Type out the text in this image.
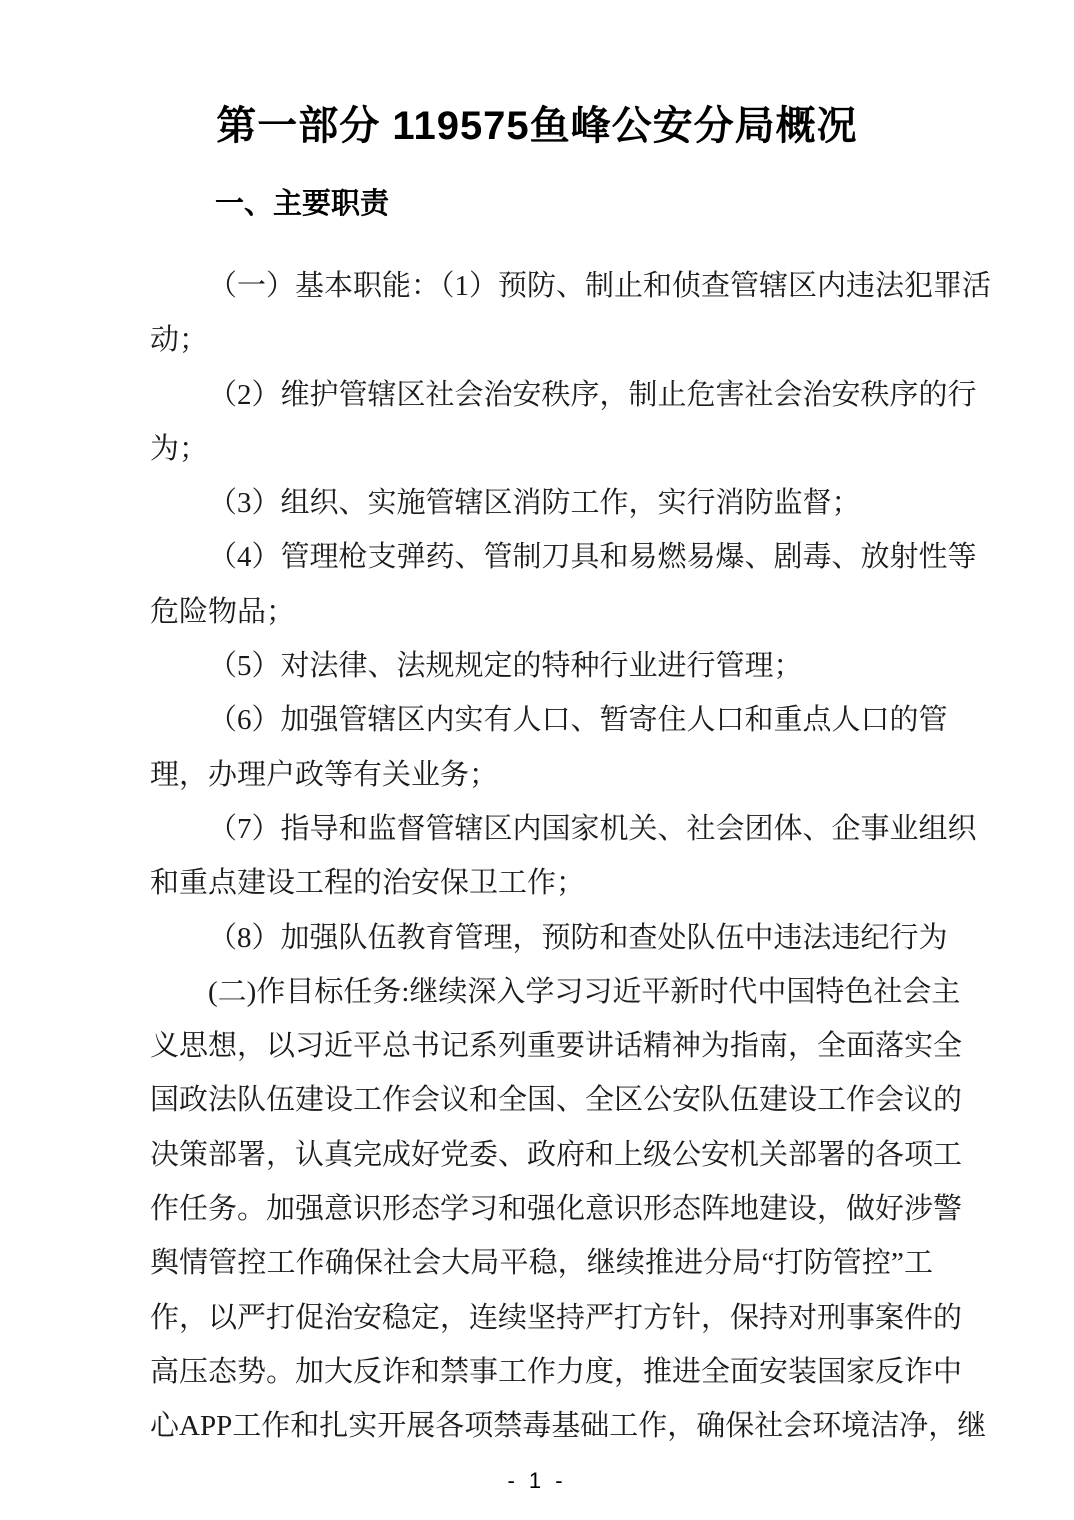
第一部分 119575鱼峰公安分局概况
一、主要职责
（一）基本职能：（1）预防、制止和侦查管辖区内违法犯罪活
动；
（2）维护管辖区社会治安秩序，制止危害社会治安秩序的行
为；
（3）组织、实施管辖区消防工作，实行消防监督；
（4）管理枪支弹药、管制刀具和易燃易爆、剧毒、放射性等
危险物品；
（5）对法律、法规规定的特种行业进行管理；
（6）加强管辖区内实有人口、暂寄住人口和重点人口的管
理，办理户政等有关业务；
（7）指导和监督管辖区内国家机关、社会团体、企事业组织
和重点建设工程的治安保卫工作；
（8）加强队伍教育管理，预防和查处队伍中违法违纪行为
(二)作目标任务:继续深入学习习近平新时代中国特色社会主
义思想，以习近平总书记系列重要讲话精神为指南，全面落实全
国政法队伍建设工作会议和全国、全区公安队伍建设工作会议的
决策部署，认真完成好党委、政府和上级公安机关部署的各项工
作任务。加强意识形态学习和强化意识形态阵地建设，做好涉警
舆情管控工作确保社会大局平稳，继续推进分局“打防管控”工
作，以严打促治安稳定，连续坚持严打方针，保持对刑事案件的
高压态势。加大反诈和禁事工作力度，推进全面安装国家反诈中
心APP工作和扎实开展各项禁毒基础工作，确保社会环境洁净，继
- 1 -
